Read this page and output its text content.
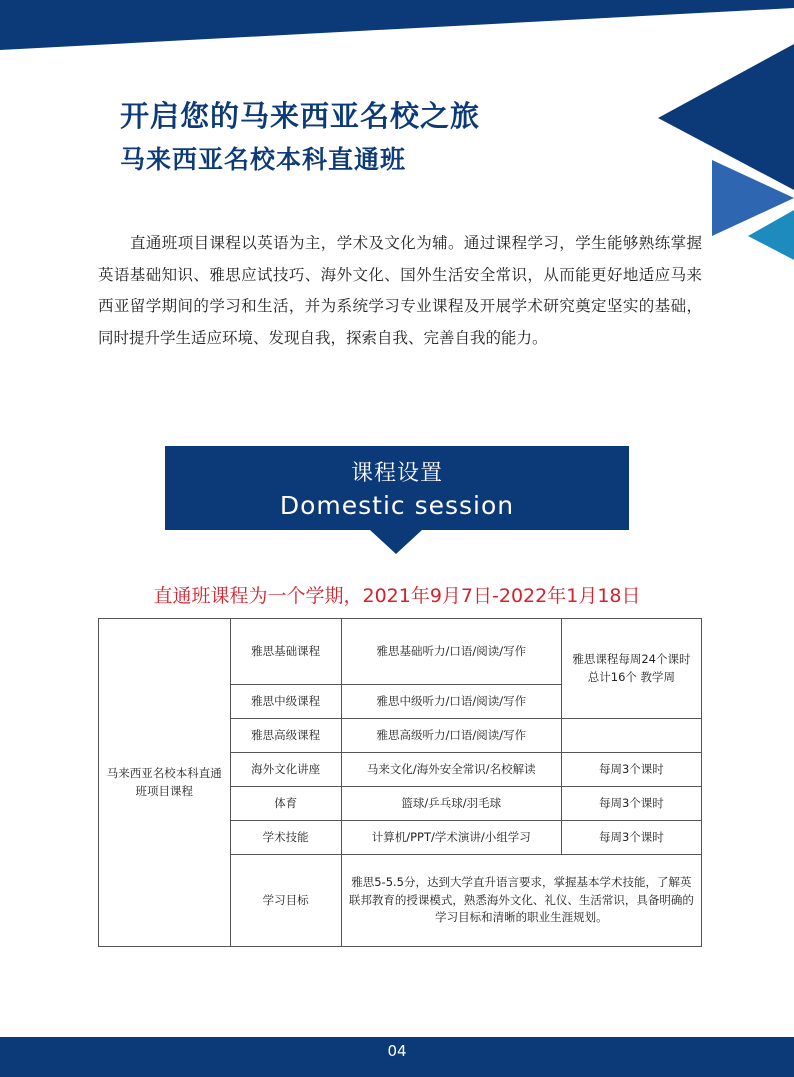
开启您的马来西亚名校之旅
马来西亚名校本科直通班

直通班项目课程以英语为主，学术及文化为辅。通过课程学习，学生能够熟练掌握英语基础知识、雅思应试技巧、海外文化、国外生活安全常识，从而能更好地适应马来西亚留学期间的学习和生活，并为系统学习专业课程及开展学术研究奠定坚实的基础，同时提升学生适应环境、发现自我，探索自我、完善自我的能力。

课程设置
Domestic session
直通班课程为一个学期，2021年9月7日-2022年1月18日
马来西亚名校本科直通班项目课程	雅思基础课程	雅思基础听力/口语/阅读/写作	雅思课程每周24个课时
总计16个 教学周
	雅思中级课程	雅思中级听力/口语/阅读/写作	
	雅思高级课程	雅思高级听力/口语/阅读/写作	
	海外文化讲座	马来文化/海外安全常识/名校解读	每周3个课时
	体育	篮球/乒乓球/羽毛球	每周3个课时
	学术技能	计算机/PPT/学术演讲/小组学习	每周3个课时
	学习目标	雅思5-5.5分，达到大学直升语言要求，掌握基本学术技能，了解英联邦教育的授课模式，熟悉海外文化、礼仪、生活常识，具备明确的学习目标和清晰的职业生涯规划。	
04
